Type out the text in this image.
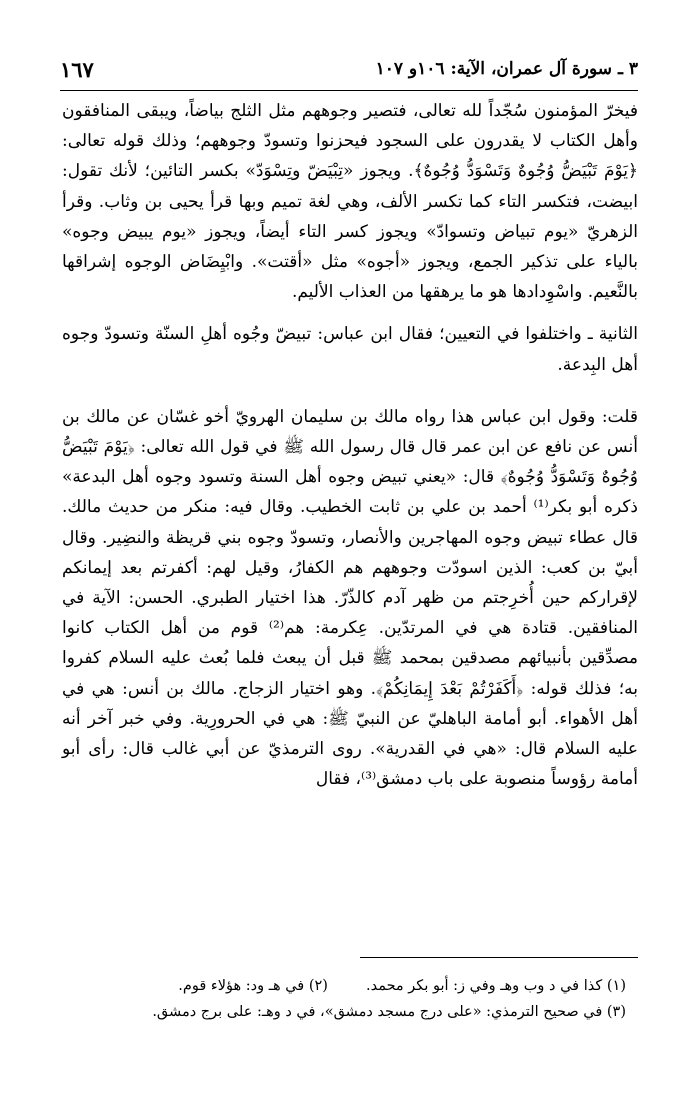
٣ ـ سورة آل عمران، الآية: ١٠٦و ١٠٧
١٦٧

فيخرّ المؤمنون سُجّداً لله تعالى، فتصير وجوههم مثل الثلج بياضاً، ويبقى المنافقون وأهل الكتاب لا يقدرون على السجود فيحزنوا وتسودّ وجوههم؛ وذلك قوله تعالى: ﴿يَوْمَ تَبْيَضُّ وُجُوهٌ وَتَسْوَدُّ وُجُوهٌ﴾. ويجوز «تِبْيَضّ وتِسْوَدّ» بكسر التائين؛ لأنك تقول: ابيضت، فتكسر التاء كما تكسر الألف، وهي لغة تميم وبها قرأ يحيى بن وثاب. وقرأ الزهريّ «يوم تبياض وتسوادّ» ويجوز كسر التاء أيضاً، ويجوز «يوم يبيض وجوه» بالياء على تذكير الجمع، ويجوز «أجوه» مثل «أقتت». وابْيِضَاض الوجوه إشراقها بالنَّعيم. واسْوِدادها هو ما يرهقها من العذاب الأليم.

الثانية ـ واختلفوا في التعيين؛ فقال ابن عباس: تبيضّ وجُوه أهلِ السنّة وتسودّ وجوه أهل البِدعة.

قلت: وقول ابن عباس هذا رواه مالك بن سليمان الهرويّ أخو غسّان عن مالك بن أنس عن نافع عن ابن عمر قال قال رسول الله ﷺ في قول الله تعالى: ﴿يَوْمَ تَبْيَضُّ وُجُوهٌ وَتَسْوَدُّ وُجُوهٌ﴾ قال: «يعني تبيض وجوه أهل السنة وتسود وجوه أهل البدعة» ذكره أبو بكر⁽¹⁾ أحمد بن علي بن ثابت الخطيب. وقال فيه: منكر من حديث مالك. قال عطاء تبيض وجوه المهاجرين والأنصار، وتسودّ وجوه بني قريظة والنضِير. وقال أبيّ بن كعب: الذين اسودّت وجوههم هم الكفارُ، وقيل لهم: أكفرتم بعد إيمانكم لإقراركم حين أُخرِجتم من ظهر آدم كالذّرّ. هذا اختيار الطبري. الحسن: الآية في المنافقين. قتادة هي في المرتدّين. عِكرمة: هم⁽²⁾ قوم من أهل الكتاب كانوا مصدِّقين بأنبيائهم مصدقين بمحمد ﷺ قبل أن يبعث فلما بُعث عليه السلام كفروا به؛ فذلك قوله: ﴿أَكَفَرْتُمْ بَعْدَ إِيمَانِكُمْ﴾. وهو اختيار الزجاج. مالك بن أنس: هي في أهل الأهواء. أبو أمامة الباهليّ عن النبيّ ﷺ: هي في الحرورِية. وفي خبر آخر أنه عليه السلام قال: «هي في القدرية». روى الترمذيّ عن أبي غالب قال: رأى أبو أمامة رؤوساً منصوبة على باب دمشق⁽³⁾، فقال

(١) كذا في د وب وهـ وفي ز: أبو بكر محمد.
(٢) في هـ ود: هؤلاء قوم.
(٣) في صحيح الترمذي: «على درج مسجد دمشق»، في د وهـ: على برج دمشق.
